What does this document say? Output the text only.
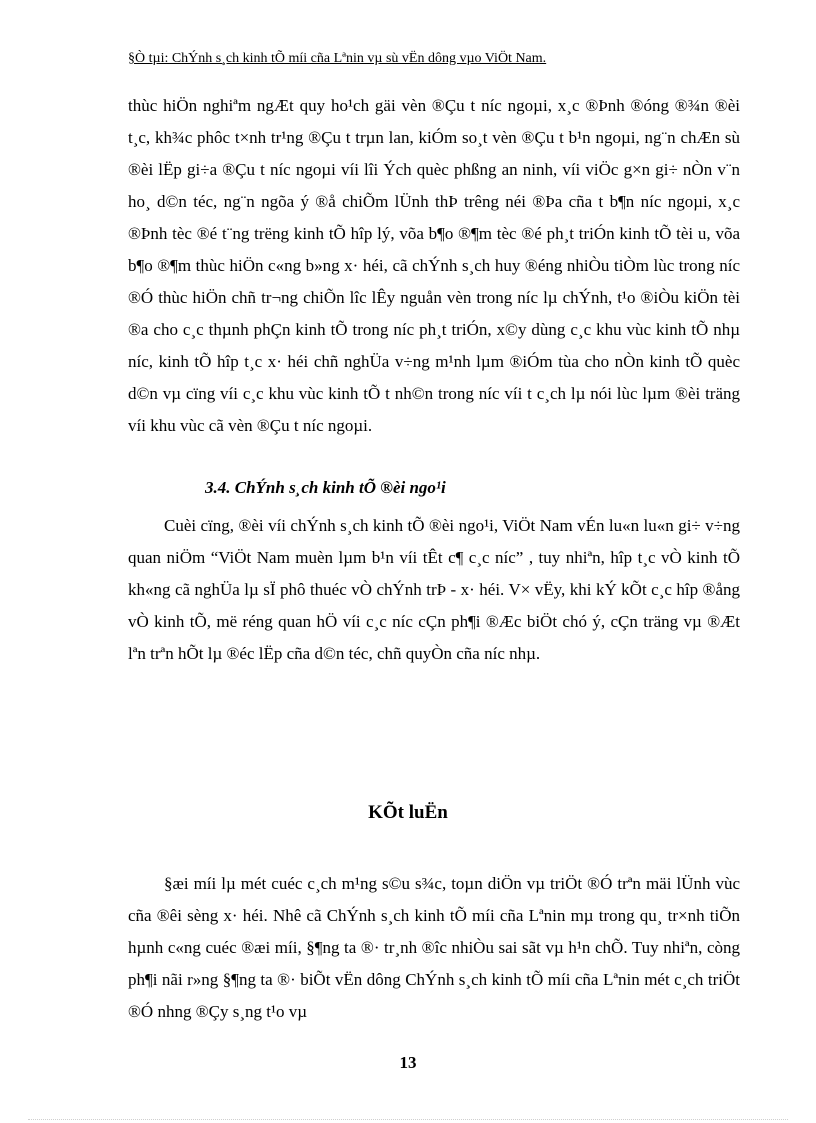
§Ò tµi: ChÝnh s¸ch kinh tÕ míi cña Lªnin vµ sù vËn dông vµo ViÖt Nam.
thùc hiÖn nghiªm ngÆt quy ho¹ch gäi vèn ®Çu t níc ngoµi, x¸c ®Þnh ®óng ®¾n ®èi t¸c, kh¾c phôc t×nh tr¹ng ®Çu t trµn lan, kiÓm so¸t vèn ®Çu t b¹n ngoµi, ng¨n chÆn sù ®èi lËp gi÷a ®Çu t níc ngoµi víi lîi Ých quèc phßng an ninh, víi viÖc g×n gi÷ nÒn v¨n ho¸ d©n téc, ng¨n ngõa ý ®å chiÕm lÜnh thÞ trêng néi ®Þa cña t b¶n níc ngoµi, x¸c ®Þnh tèc ®é t¨ng trëng kinh tÕ hîp lý, võa b¶o ®¶m tèc ®é ph¸t triÓn kinh tÕ tèi u, võa b¶o ®¶m thùc hiÖn c«ng b»ng x· héi, cã chÝnh s¸ch huy ®éng nhiÒu tiÒm lùc trong níc ®Ó thùc hiÖn chñ tr¬ng chiÕn lîc lÊy nguån vèn trong níc lµ chÝnh, t¹o ®iÒu kiÖn tèi ®a cho c¸c thµnh phÇn kinh tÕ trong níc ph¸t triÓn, x©y dùng c¸c khu vùc kinh tÕ nhµ níc, kinh tÕ hîp t¸c x· héi chñ nghÜa v÷ng m¹nh lµm ®iÓm tùa cho nÒn kinh tÕ quèc d©n vµ cïng víi c¸c khu vùc kinh tÕ t nh©n trong níc víi t c¸ch lµ nói lùc lµm ®èi träng víi khu vùc cã vèn ®Çu t níc ngoµi.
3.4. ChÝnh s¸ch kinh tÕ ®èi ngo¹i
Cuèi cïng, ®èi víi chÝnh s¸ch kinh tÕ ®èi ngo¹i, ViÖt Nam vÉn lu«n lu«n gi÷ v÷ng quan niÖm “ViÖt Nam muèn lµm b¹n víi tÊt c¶ c¸c níc” , tuy nhiªn, hîp t¸c vÒ kinh tÕ kh«ng cã nghÜa lµ sÏ phô thuéc vÒ chÝnh trÞ - x· héi. V× vËy, khi kÝ kÕt c¸c hîp ®ång vÒ kinh tÕ, më réng quan hÖ víi c¸c níc cÇn ph¶i ®Æc biÖt chó ý, cÇn träng vµ ®Æt lªn trªn hÕt lµ ®éc lËp cña d©n téc, chñ quyÒn cña níc nhµ.
KÕt luËn
§æi míi lµ mét cuéc c¸ch m¹ng s©u s¾c, toµn diÖn vµ triÖt ®Ó trªn mäi lÜnh vùc cña ®êi sèng x· héi. Nhê cã ChÝnh s¸ch kinh tÕ míi cña Lªnin mµ trong qu¸ tr×nh tiÕn hµnh c«ng cuéc ®æi míi, §¶ng ta ®· tr¸nh ®îc nhiÒu sai sãt vµ h¹n chÕ. Tuy nhiªn, còng ph¶i nãi r»ng §¶ng ta ®· biÕt vËn dông ChÝnh s¸ch kinh tÕ míi cña Lªnin mét c¸ch triÖt ®Ó nhng ®Çy s¸ng t¹o vµ
13
